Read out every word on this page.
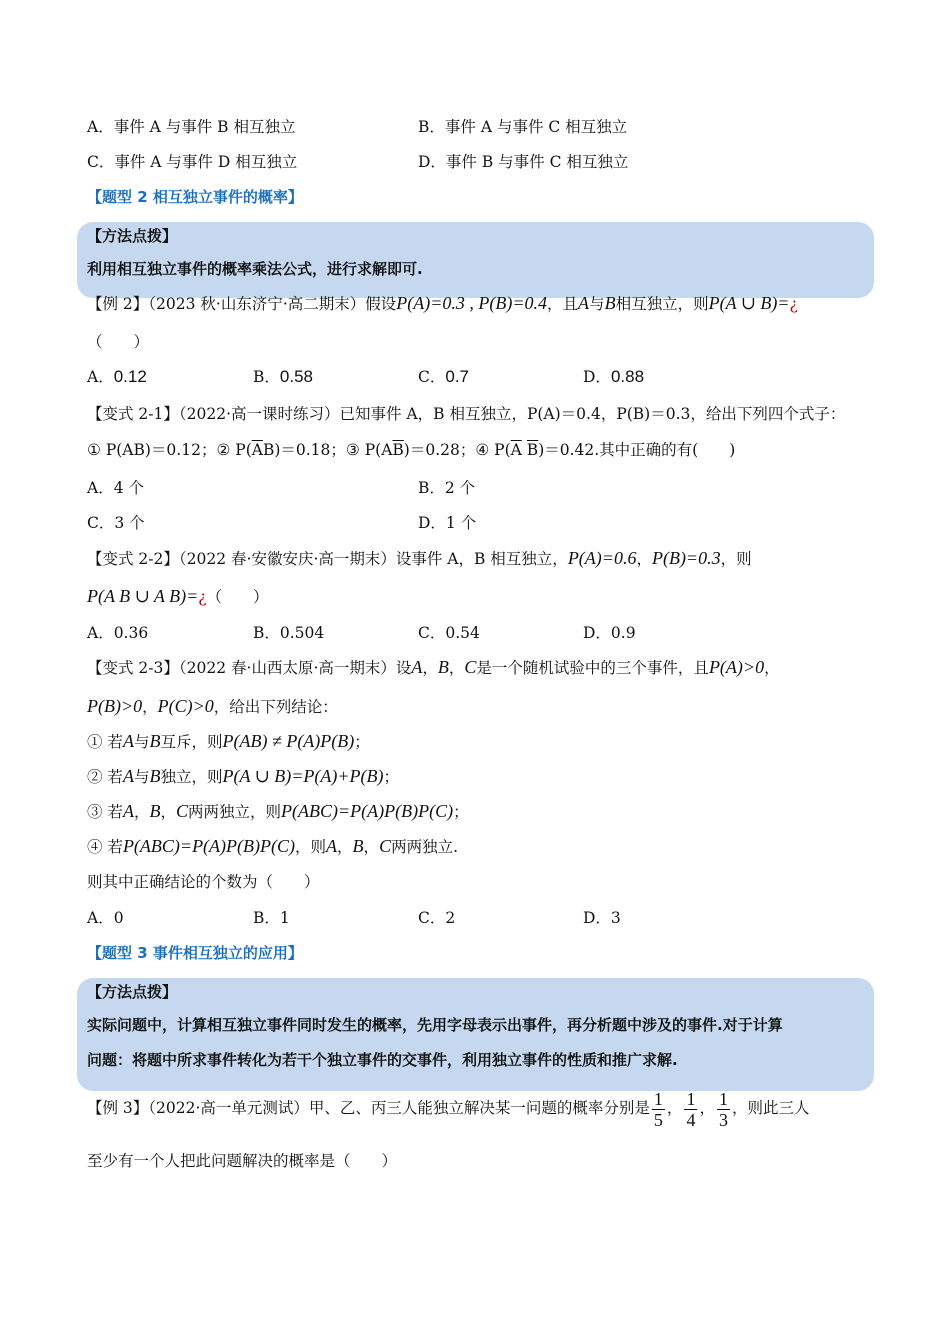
A．事件 A 与事件 B 相互独立	B．事件 A 与事件 C 相互独立
C．事件 A 与事件 D 相互独立	D．事件 B 与事件 C 相互独立
【题型 2 相互独立事件的概率】
【方法点拨】
利用相互独立事件的概率乘法公式，进行求解即可.
【例 2】（2023 秋·山东济宁·高二期末）假设P(A)=0.3 , P(B)=0.4，且A与B相互独立，则P(A ∪ B)=¿
（　　）
A．0.12	B．0.58	C．0.7	D．0.88
【变式 2-1】（2022·高一课时练习）已知事件 A，B 相互独立，P(A)＝0.4，P(B)＝0.3，给出下列四个式子：
① P(AB)＝0.12；② $P(\overline{A}B)=0.18$；③ $P(A\overline{B})=0.28$；④ $P(\overline{A}$ $\overline{B})=0.42$.其中正确的有(　　)
A．4 个	B．2 个
C．3 个	D．1 个
【变式 2-2】（2022 春·安徽安庆·高一期末）设事件 A，B 相互独立，P(A)=0.6，P(B)=0.3，则
P(A B ∪ A B)=¿（　　）
A．0.36	B．0.504	C．0.54	D．0.9
【变式 2-3】（2022 春·山西太原·高一期末）设A，B，C是一个随机试验中的三个事件，且P(A)>0，
P(B)>0，P(C)>0，给出下列结论：
① 若A与B互斥，则P(AB) ≠ P(A)P(B)；
② 若A与B独立，则P(A ∪ B)=P(A)+P(B)；
③ 若A，B，C两两独立，则P(ABC)=P(A)P(B)P(C)；
④ 若P(ABC)=P(A)P(B)P(C)，则A，B，C两两独立.
则其中正确结论的个数为（　　）
A．0	B．1	C．2	D．3
【题型 3 事件相互独立的应用】
【方法点拨】
实际问题中，计算相互独立事件同时发生的概率，先用字母表示出事件，再分析题中涉及的事件.对于计算
问题：将题中所求事件转化为若干个独立事件的交事件，利用独立事件的性质和推广求解.
【例 3】（2022·高一单元测试）甲、乙、丙三人能独立解决某一问题的概率分别是 $\frac{1}{5}$ ， $\frac{1}{4}$ ， $\frac{1}{3}$ ，则此三人
至少有一个人把此问题解决的概率是（　　）
